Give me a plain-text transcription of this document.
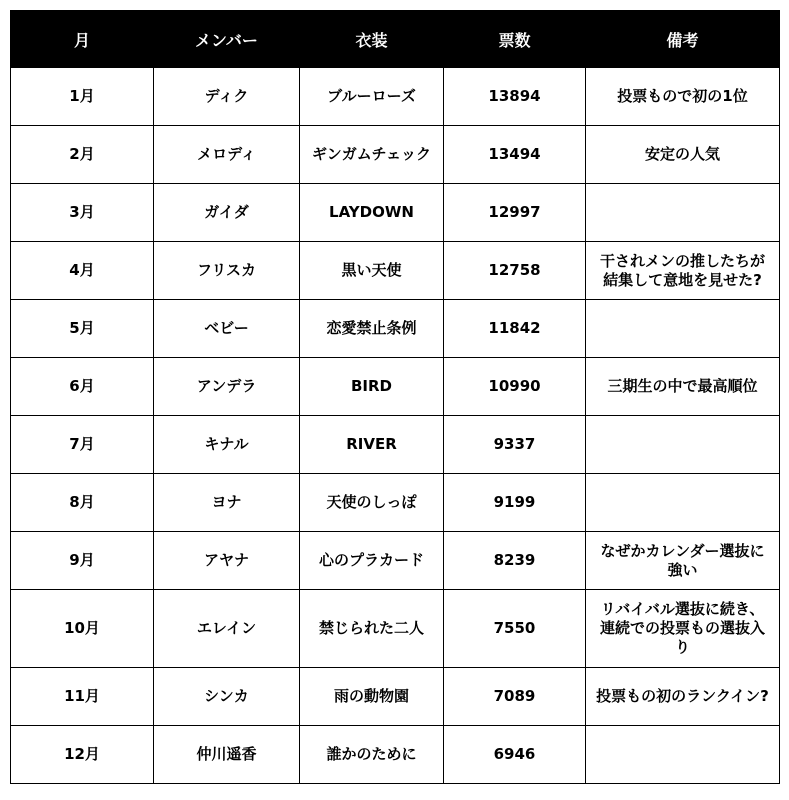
月	メンバー	衣装	票数	備考
1月	ディク	ブルーローズ	13894	投票もので初の1位
2月	メロディ	ギンガムチェック	13494	安定の人気
3月	ガイダ	LAYDOWN	12997	
4月	フリスカ	黒い天使	12758	干されメンの推したちが
結集して意地を見せた?
5月	ベビー	恋愛禁止条例	11842	
6月	アンデラ	BIRD	10990	三期生の中で最高順位
7月	キナル	RIVER	9337	
8月	ヨナ	天使のしっぽ	9199	
9月	アヤナ	心のプラカード	8239	なぜかカレンダー選抜に
強い
10月	エレイン	禁じられた二人	7550	リバイバル選抜に続き、
連続での投票もの選抜入
り
11月	シンカ	雨の動物園	7089	投票もの初のランクイン?
12月	仲川遥香	誰かのために	6946	
